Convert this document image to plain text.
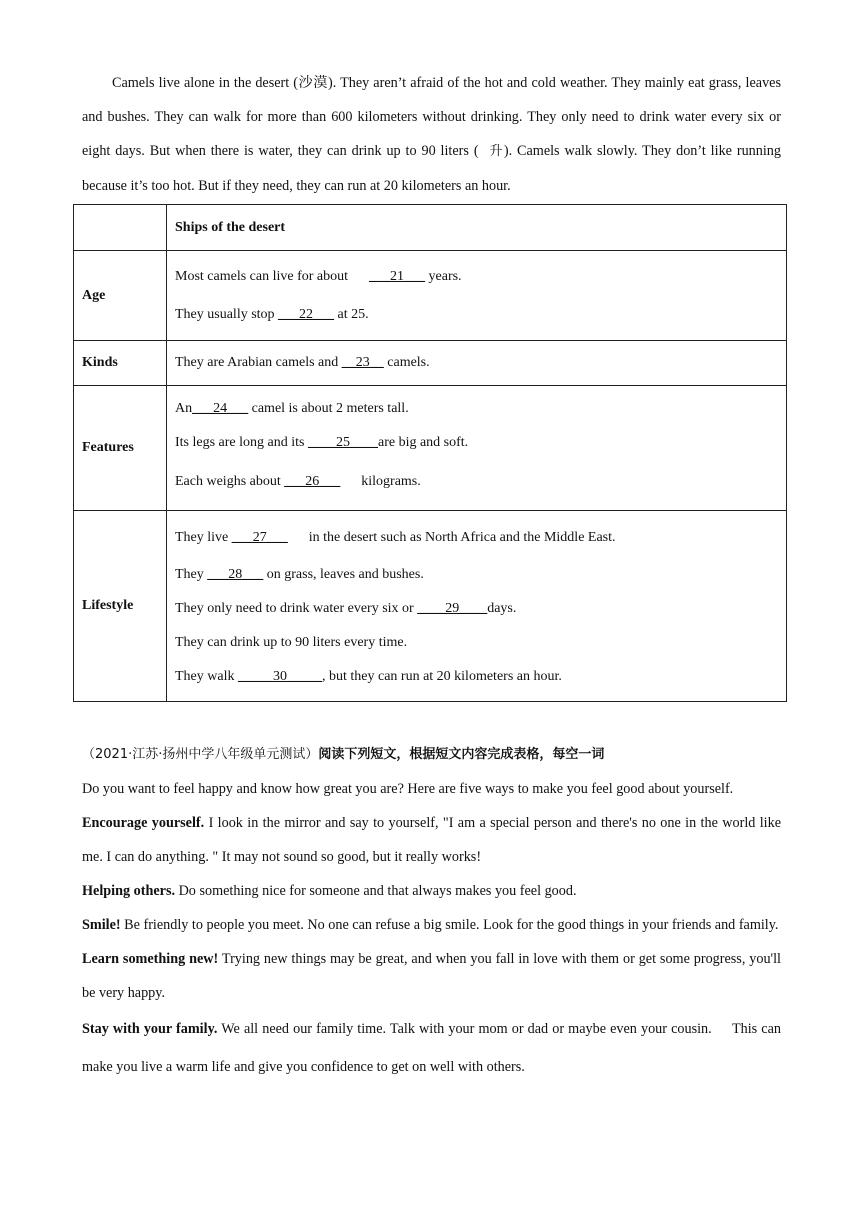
Camels live alone in the desert (沙漠). They aren’t afraid of the hot and cold weather. They mainly eat grass, leaves and bushes. They can walk for more than 600 kilometers without drinking. They only need to drink water every six or eight days. But when there is water, they can drink up to 90 liters (  升). Camels walk slowly. They don’t like running because it’s too hot. But if they need, they can run at 20 kilometers an hour.

	Ships of the desert
Age	Most camels can live for about      ___21___ years.
They usually stop ___22___ at 25.

Kinds	They are Arabian camels and __23__ camels.

Features	An___24___ camel is about 2 meters tall.
Its legs are long and its ____25____are big and soft.
Each weighs about ___26___      kilograms.

Lifestyle	They live ___27___      in the desert such as North Africa and the Middle East.
They ___28___ on grass, leaves and bushes.
They only need to drink water every six or ____29____days.
They can drink up to 90 liters every time.
They walk _____30_____, but they can run at 20 kilometers an hour.
（2021·江苏·扬州中学八年级单元测试）阅读下列短文，根据短文内容完成表格，每空一词

Do you want to feel happy and know how great you are? Here are five ways to make you feel good about yourself.

Encourage yourself. I look in the mirror and say to yourself, "I am a special person and there's no one in the world like me. I can do anything. " It may not sound so good, but it really works!

Helping others. Do something nice for someone and that always makes you feel good.

Smile! Be friendly to people you meet. No one can refuse a big smile. Look for the good things in your friends and family.

Learn something new! Trying new things may be great, and when you fall in love with them or get some progress, you'll be very happy.

Stay with your family. We all need our family time. Talk with your mom or dad or maybe even your cousin.     This can make you live a warm life and give you confidence to get on well with others.
